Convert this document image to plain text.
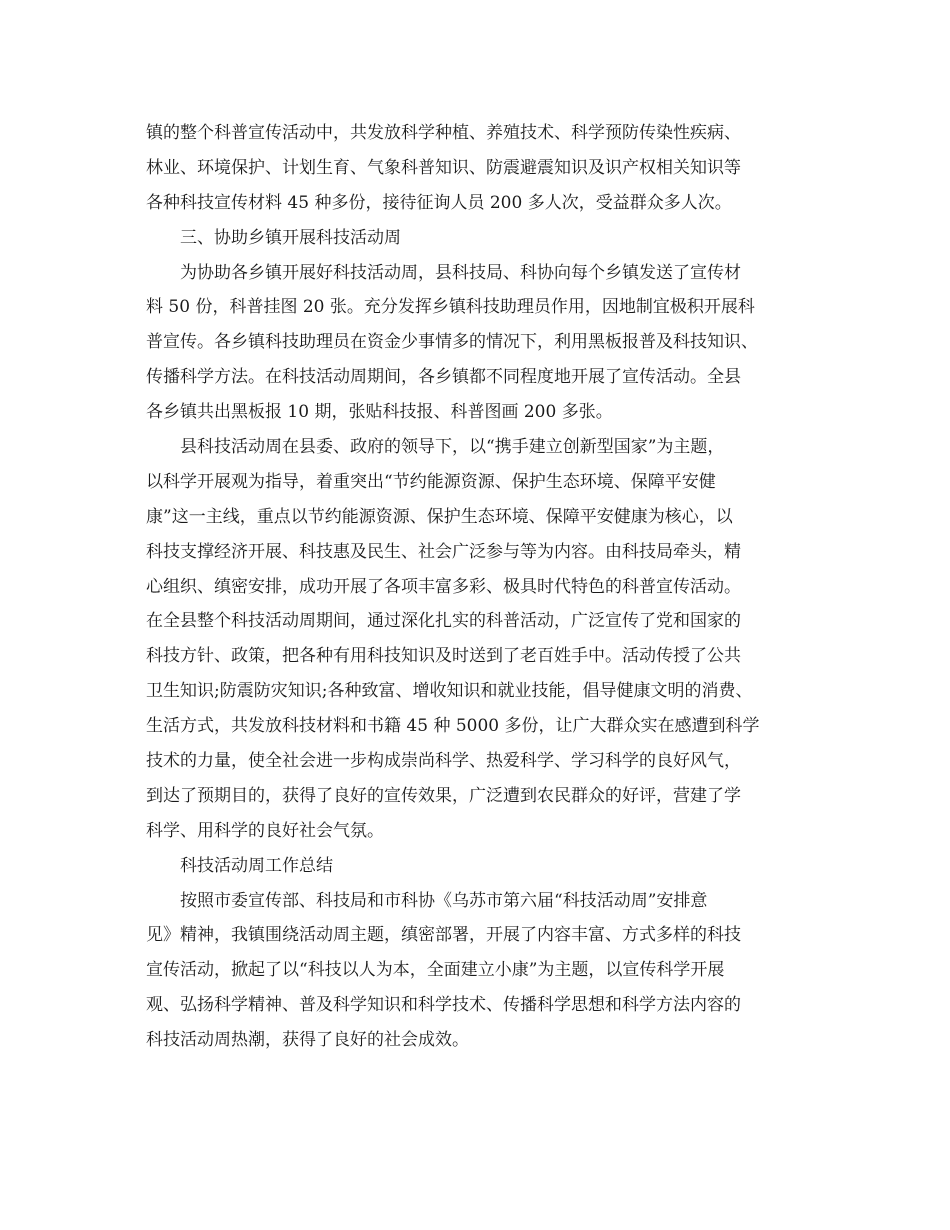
镇的整个科普宣传活动中，共发放科学种植、养殖技术、科学预防传染性疾病、
林业、环境保护、计划生育、气象科普知识、防震避震知识及识产权相关知识等
各种科技宣传材料 45 种多份，接待征询人员 200 多人次，受益群众多人次。
三、协助乡镇开展科技活动周
为协助各乡镇开展好科技活动周，县科技局、科协向每个乡镇发送了宣传材
料 50 份，科普挂图 20 张。充分发挥乡镇科技助理员作用，因地制宜极积开展科
普宣传。各乡镇科技助理员在资金少事情多的情况下，利用黑板报普及科技知识、
传播科学方法。在科技活动周期间，各乡镇都不同程度地开展了宣传活动。全县
各乡镇共出黑板报 10 期，张贴科技报、科普图画 200 多张。
县科技活动周在县委、政府的领导下，以“携手建立创新型国家”为主题，
以科学开展观为指导，着重突出“节约能源资源、保护生态环境、保障平安健
康”这一主线，重点以节约能源资源、保护生态环境、保障平安健康为核心，以
科技支撑经济开展、科技惠及民生、社会广泛参与等为内容。由科技局牵头，精
心组织、缜密安排，成功开展了各项丰富多彩、极具时代特色的科普宣传活动。
在全县整个科技活动周期间，通过深化扎实的科普活动，广泛宣传了党和国家的
科技方针、政策，把各种有用科技知识及时送到了老百姓手中。活动传授了公共
卫生知识;防震防灾知识;各种致富、增收知识和就业技能，倡导健康文明的消费、
生活方式，共发放科技材料和书籍 45 种 5000 多份，让广大群众实在感遭到科学
技术的力量，使全社会进一步构成崇尚科学、热爱科学、学习科学的良好风气，
到达了预期目的，获得了良好的宣传效果，广泛遭到农民群众的好评，营建了学
科学、用科学的良好社会气氛。
科技活动周工作总结
按照市委宣传部、科技局和市科协《乌苏市第六届“科技活动周”安排意
见》精神，我镇围绕活动周主题，缜密部署，开展了内容丰富、方式多样的科技
宣传活动，掀起了以“科技以人为本，全面建立小康”为主题，以宣传科学开展
观、弘扬科学精神、普及科学知识和科学技术、传播科学思想和科学方法内容的
科技活动周热潮，获得了良好的社会成效。
